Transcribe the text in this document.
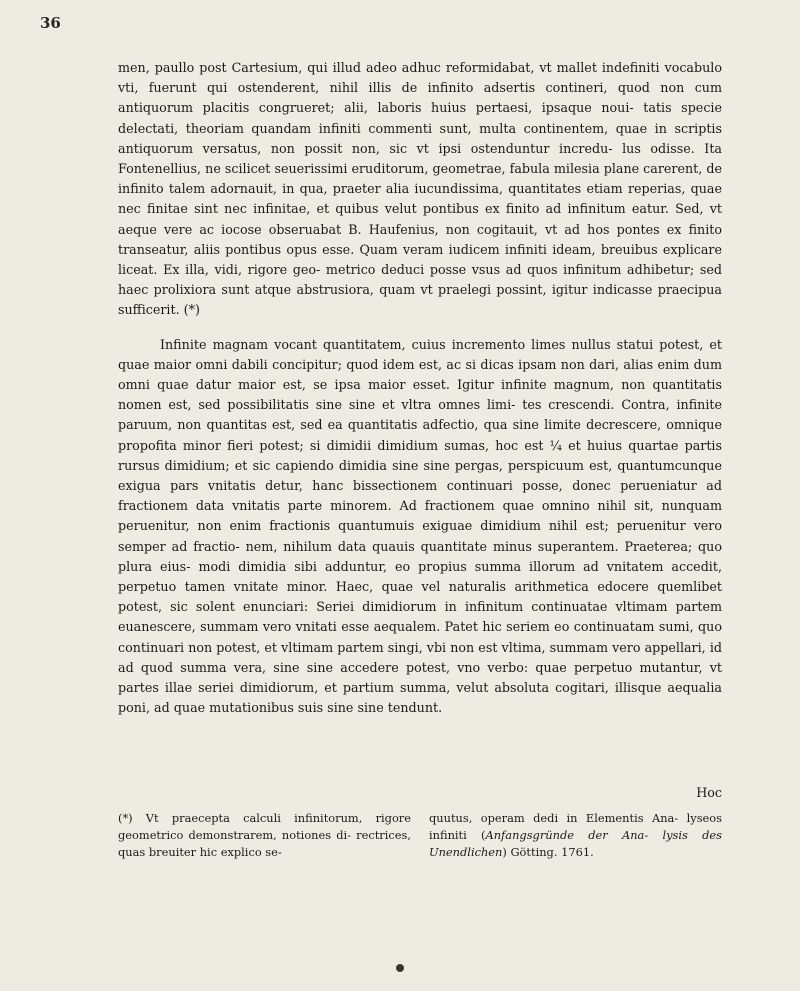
36

men, paullo post Cartesium, qui illud adeo adhuc reformidabat, vt mallet indefiniti vocabulo vti, fuerunt qui ostenderent, nihil illis de infinito adsertis contineri, quod non cum antiquorum placitis congrueret; alii, laboris huius pertaesi, ipsaque noui- tatis specie delectati, theoriam quandam infiniti commenti sunt, multa continentem, quae in scriptis antiquorum versatus, non possit non, sic vt ipsi ostenduntur incredu- lus odisse. Ita Fontenellius, ne scilicet seuerissimi eruditorum, geometrae, fabula milesia plane carerent, de infinito talem adornauit, in qua, praeter alia iucundissima, quantitates etiam reperias, quae nec finitae sint nec infinitae, et quibus velut pontibus ex finito ad infinitum eatur. Sed, vt aeque vere ac iocose obseruabat B. Haufenius, non cogitauit, vt ad hos pontes ex finito transeatur, aliis pontibus opus esse. Quam veram iudicem infiniti ideam, breuibus explicare liceat. Ex illa, vidi, rigore geo- metrico deduci posse vsus ad quos infinitum adhibetur; sed haec prolixiora sunt atque abstrusiora, quam vt praelegi possint, igitur indicasse praecipua sufficerit. (*)

Infinite magnam vocant quantitatem, cuius incremento limes nullus statui potest, et quae maior omni dabili concipitur; quod idem est, ac si dicas ipsam non dari, alias enim dum omni quae datur maior est, se ipsa maior esset. Igitur infinite magnum, non quantitatis nomen est, sed possibilitatis sine sine et vltra omnes limi- tes crescendi. Contra, infinite paruum, non quantitas est, sed ea quantitatis adfectio, qua sine limite decrescere, omnique propofita minor fieri potest; si dimidii dimidium sumas, hoc est ¼ et huius quartae partis rursus dimidium; et sic capiendo dimidia sine sine pergas, perspicuum est, quantumcunque exigua pars vnitatis detur, hanc bissectionem continuari posse, donec perueniatur ad fractionem data vnitatis parte minorem. Ad fractionem quae omnino nihil sit, nunquam peruenitur, non enim fractionis quantumuis exiguae dimidium nihil est; peruenitur vero semper ad fractio- nem, nihilum data quauis quantitate minus superantem. Praeterea; quo plura eius- modi dimidia sibi adduntur, eo propius summa illorum ad vnitatem accedit, perpetuo tamen vnitate minor. Haec, quae vel naturalis arithmetica edocere quemlibet potest, sic solent enunciari: Seriei dimidiorum in infinitum continuatae vltimam partem euanescere, summam vero vnitati esse aequalem. Patet hic seriem eo continuatam sumi, quo continuari non potest, et vltimam partem singi, vbi non est vltima, summam vero appellari, id ad quod summa vera, sine sine accedere potest, vno verbo: quae perpetuo mutantur, vt partes illae seriei dimidiorum, et partium summa, velut absoluta cogitari, illisque aequalia poni, ad quae mutationibus suis sine sine tendunt.

Hoc
(*) Vt praecepta calculi infinitorum, rigore geometrico demonstrarem, notiones di- rectrices, quas breuiter hic explico se-
quutus, operam dedi in Elementis Ana- lyseos infiniti (Anfangsgründe der Ana- lysis des Unendlichen) Götting. 1761.
